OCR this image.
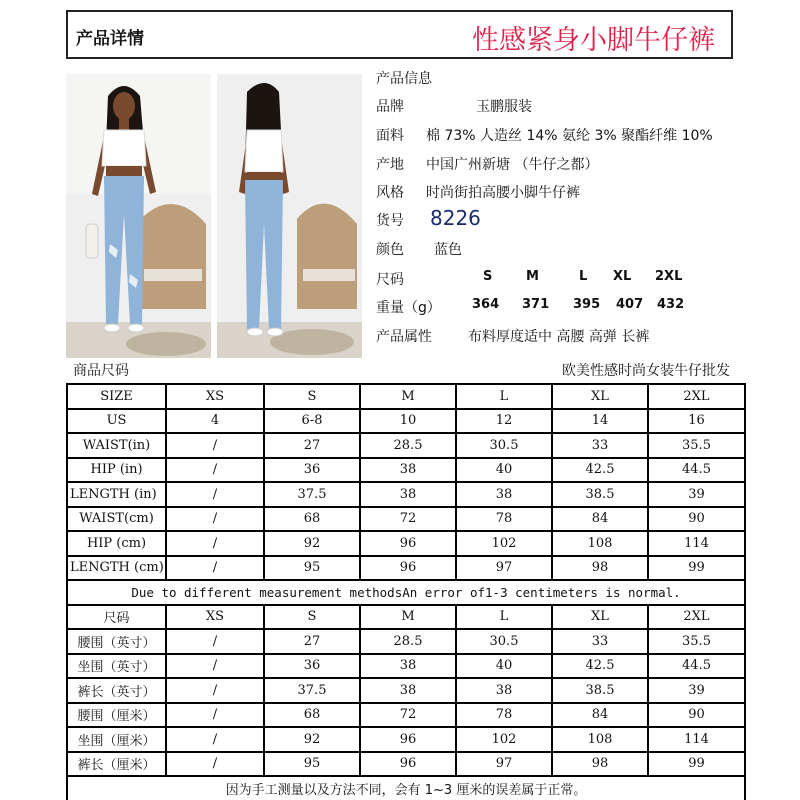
产品详情	性感紧身小脚牛仔裤
产品信息
品牌	玉鹏服装
面料 棉 73% 人造丝 14% 氨纶 3% 聚酯纤维 10%
产地 中国广州新塘 （牛仔之都）
风格 时尚街拍高腰小脚牛仔裤
货号 8226
颜色 蓝色
尺码	S	M	L XL 2XL
重量（g） 364 371 395 407 432
产品属性	布料厚度适中 高腰 高弹 长裤
商品尺码	欧美性感时尚女装牛仔批发
SIZE	XS	S	M	L	XL	2XL
US	4	6-8	10	12	14	16
WAIST(in)	/	27	28.5	30.5	33	35.5
HIP (in)	/	36	38	40	42.5	44.5
LENGTH (in)	/	37.5	38	38	38.5	39
WAIST(cm)	/	68	72	78	84	90
HIP (cm)	/	92	96	102	108	114
LENGTH (cm)	/	95	96	97	98	99
Due to different measurement methodsAn error of1-3 centimeters is normal.						
尺码	XS	S	M	L	XL	2XL
腰围（英寸）	/	27	28.5	30.5	33	35.5
坐围（英寸）	/	36	38	40	42.5	44.5
裤长（英寸）	/	37.5	38	38	38.5	39
腰围（厘米）	/	68	72	78	84	90
坐围（厘米）	/	92	96	102	108	114
裤长（厘米）	/	95	96	97	98	99
因为手工测量以及方法不同，会有 1~3 厘米的误差属于正常。						
